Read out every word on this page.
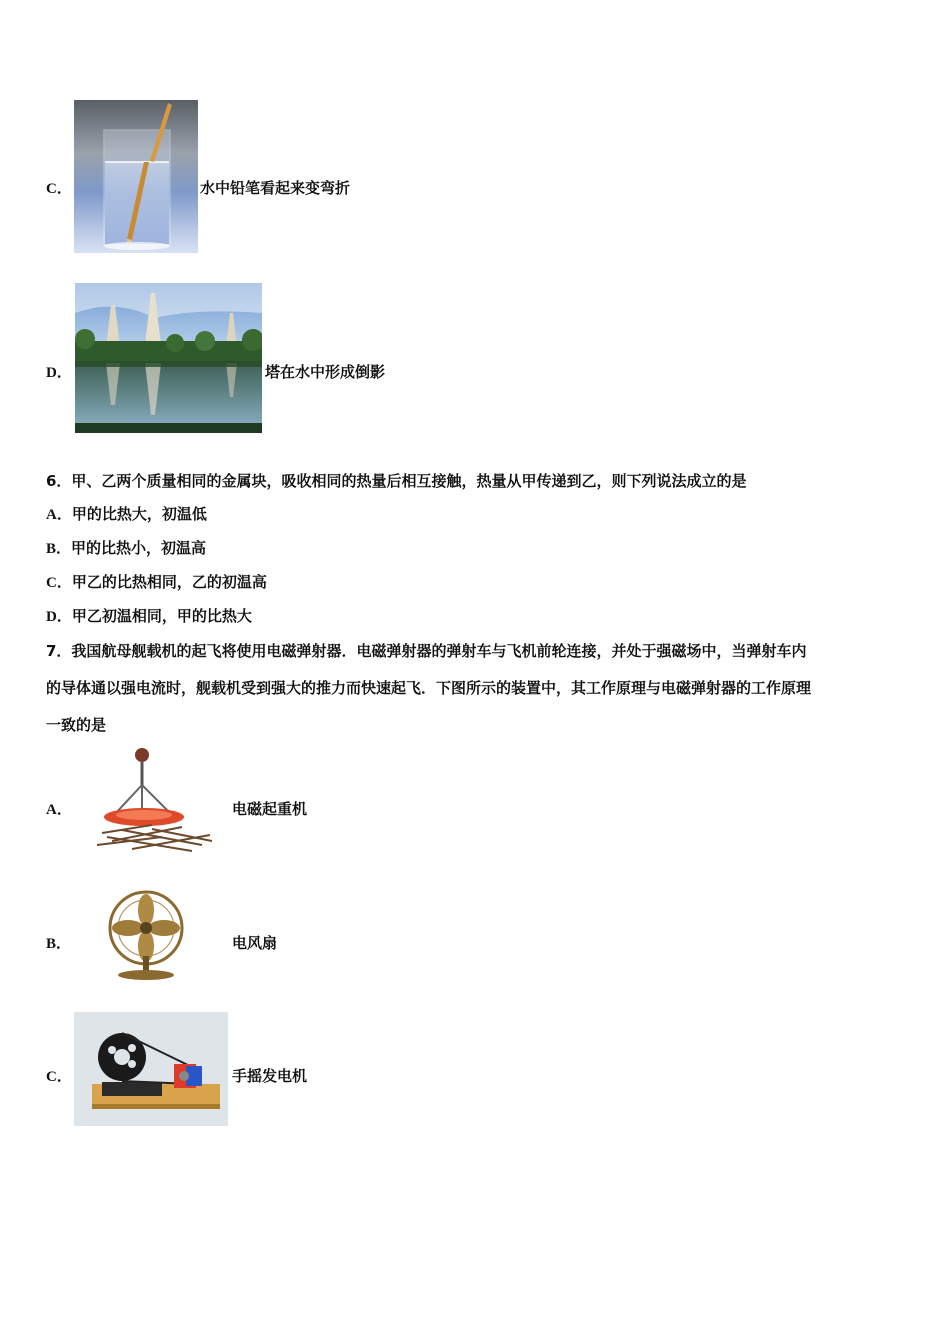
C．	水中铅笔看起来变弯折
D．	塔在水中形成倒影
6．甲、乙两个质量相同的金属块，吸收相同的热量后相互接触，热量从甲传递到乙，则下列说法成立的是
A．甲的比热大，初温低
B．甲的比热小，初温高
C．甲乙的比热相同，乙的初温高
D．甲乙初温相同，甲的比热大
7．我国航母舰载机的起飞将使用电磁弹射器．电磁弹射器的弹射车与飞机前轮连接，并处于强磁场中，当弹射车内
的导体通以强电流时，舰载机受到强大的推力而快速起飞．下图所示的装置中，其工作原理与电磁弹射器的工作原理
一致的是
A．	电磁起重机
B．	电风扇
C．	手摇发电机
